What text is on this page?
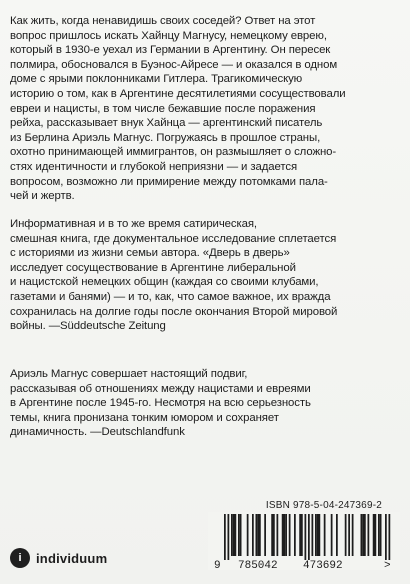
Как жить, когда ненавидишь своих соседей? Ответ на этот
вопрос пришлось искать Хайнцу Магнусу, немецкому еврею,
который в 1930-е уехал из Германии в Аргентину. Он пересек
полмира, обосновался в Буэнос-Айресе — и оказался в одном
доме с ярыми поклонниками Гитлера. Трагикомическую
историю о том, как в Аргентине десятилетиями сосуществовали
евреи и нацисты, в том числе бежавшие после поражения
рейха, рассказывает внук Хайнца — аргентинский писатель
из Берлина Ариэль Магнус. Погружаясь в прошлое страны,
охотно принимающей иммигрантов, он размышляет о сложно-
стях идентичности и глубокой неприязни — и задается
вопросом, возможно ли примирение между потомками пала-
чей и жертв.
Информативная и в то же время сатирическая,
смешная книга, где документальное исследование сплетается
с историями из жизни семьи автора. «Дверь в дверь»
исследует сосуществование в Аргентине либеральной
и нацистской немецких общин (каждая со своими клубами,
газетами и банями) — и то, как, что самое важное, их вражда
сохранилась на долгие годы после окончания Второй мировой
войны. —Süddeutsche Zeitung
Ариэль Магнус совершает настоящий подвиг,
рассказывая об отношениях между нацистами и евреями
в Аргентине после 1945-го. Несмотря на всю серьезность
темы, книга пронизана тонким юмором и сохраняет
динамичность. —Deutschlandfunk
ISBN 978-5-04-247369-2
9 785042 473692	>
i	individuum
